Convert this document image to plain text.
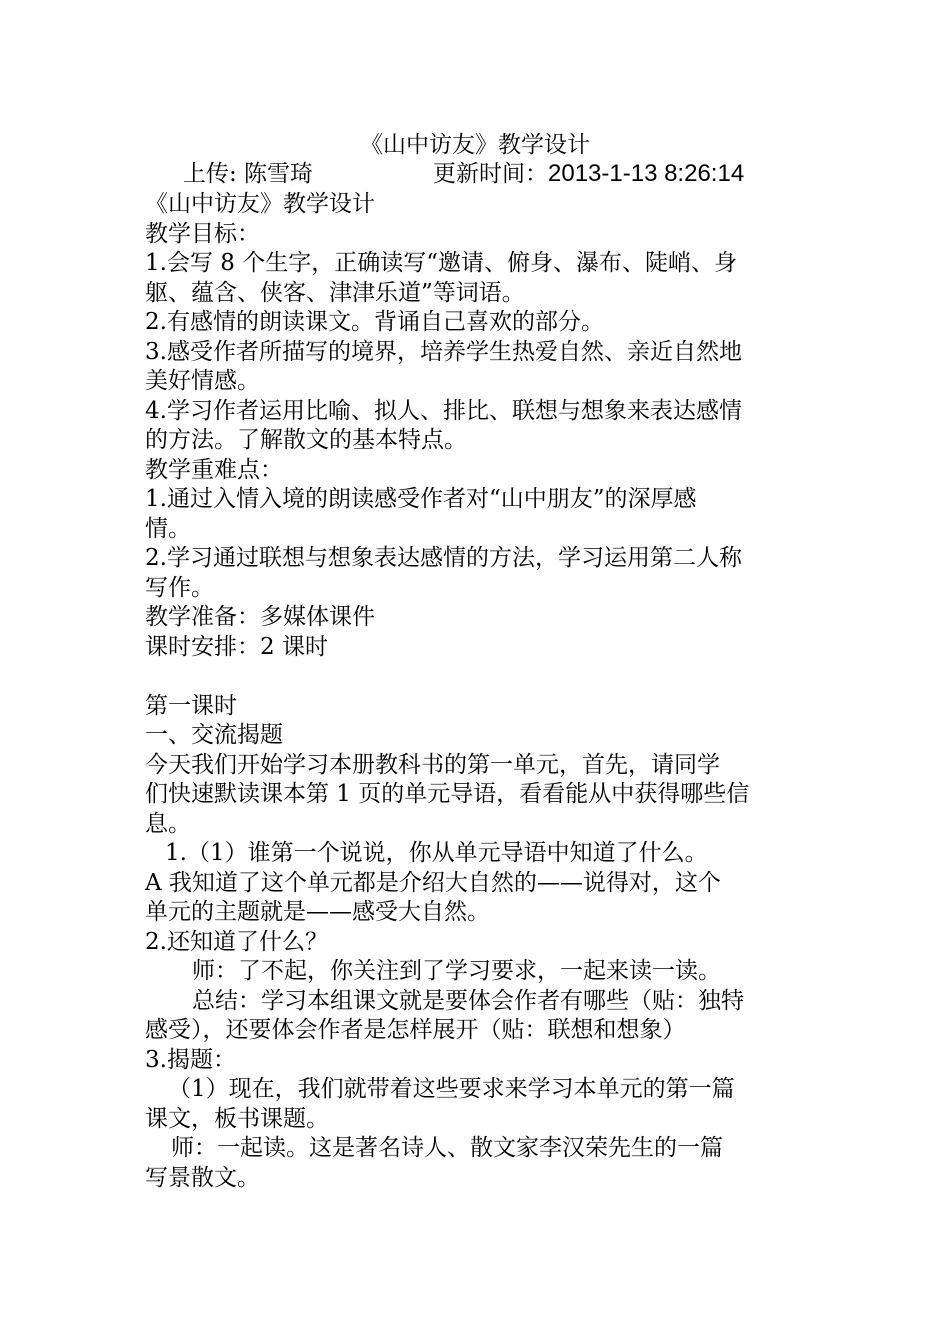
《山中访友》教学设计
上传: 陈雪琦	更新时间：2013-1-13 8:26:14

《山中访友》教学设计

教学目标：

1.会写 8 个生字，正确读写“邀请、俯身、瀑布、陡峭、身

躯、蕴含、侠客、津津乐道”等词语。

2.有感情的朗读课文。背诵自己喜欢的部分。

3.感受作者所描写的境界，培养学生热爱自然、亲近自然地

美好情感。

4.学习作者运用比喻、拟人、排比、联想与想象来表达感情

的方法。了解散文的基本特点。

教学重难点：

1.通过入情入境的朗读感受作者对“山中朋友”的深厚感

情。

2.学习通过联想与想象表达感情的方法，学习运用第二人称

写作。

教学准备：多媒体课件

课时安排：2 课时

第一课时

一、交流揭题

今天我们开始学习本册教科书的第一单元，首先，请同学

们快速默读课本第 1 页的单元导语，看看能从中获得哪些信

息。

1.（1）谁第一个说说，你从单元导语中知道了什么。

A 我知道了这个单元都是介绍大自然的——说得对，这个

单元的主题就是——感受大自然。

2.还知道了什么？

师：了不起，你关注到了学习要求，一起来读一读。

总结：学习本组课文就是要体会作者有哪些（贴：独特

感受），还要体会作者是怎样展开（贴：联想和想象）

3.揭题：

（1）现在，我们就带着这些要求来学习本单元的第一篇

课文，板书课题。

师：一起读。这是著名诗人、散文家李汉荣先生的一篇

写景散文。
